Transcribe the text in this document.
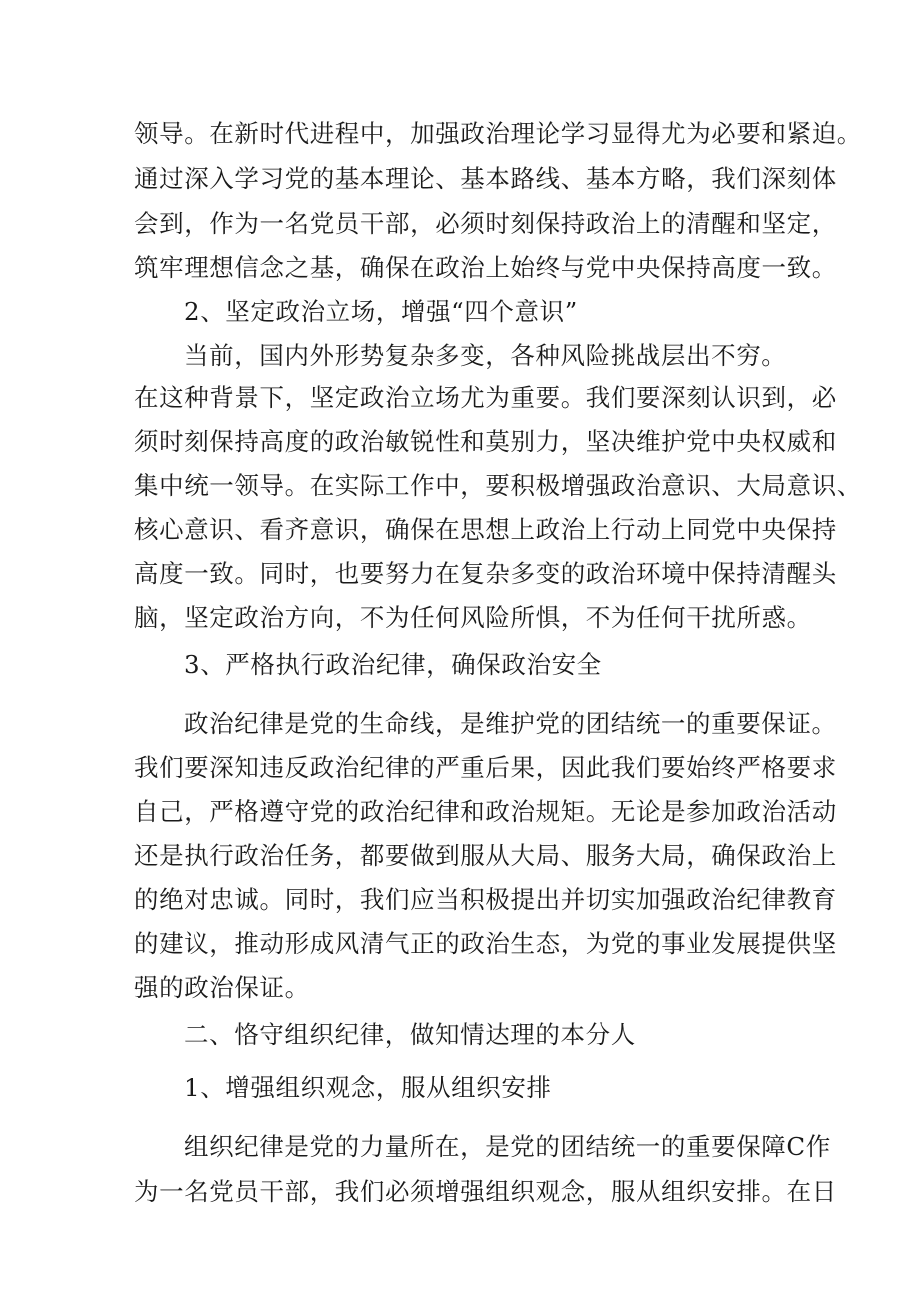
领导。在新时代进程中，加强政治理论学习显得尤为必要和紧迫。
通过深入学习党的基本理论、基本路线、基本方略，我们深刻体
会到，作为一名党员干部，必须时刻保持政治上的清醒和坚定，
筑牢理想信念之基，确保在政治上始终与党中央保持高度一致。
2、坚定政治立场，增强“四个意识”
当前，国内外形势复杂多变，各种风险挑战层出不穷。
在这种背景下，坚定政治立场尤为重要。我们要深刻认识到，必
须时刻保持高度的政治敏锐性和莫别力，坚决维护党中央权威和
集中统一领导。在实际工作中，要积极增强政治意识、大局意识、
核心意识、看齐意识，确保在思想上政治上行动上同党中央保持
高度一致。同时，也要努力在复杂多变的政治环境中保持清醒头
脑，坚定政治方向，不为任何风险所惧，不为任何干扰所惑。
3、严格执行政治纪律，确保政治安全
政治纪律是党的生命线，是维护党的团结统一的重要保证。
我们要深知违反政治纪律的严重后果，因此我们要始终严格要求
自己，严格遵守党的政治纪律和政治规矩。无论是参加政治活动
还是执行政治任务，都要做到服从大局、服务大局，确保政治上
的绝对忠诚。同时，我们应当积极提出并切实加强政治纪律教育
的建议，推动形成风清气正的政治生态，为党的事业发展提供坚
强的政治保证。
二、恪守组织纪律，做知情达理的本分人
1、增强组织观念，服从组织安排
组织纪律是党的力量所在，是党的团结统一的重要保障C作
为一名党员干部，我们必须增强组织观念，服从组织安排。在日
